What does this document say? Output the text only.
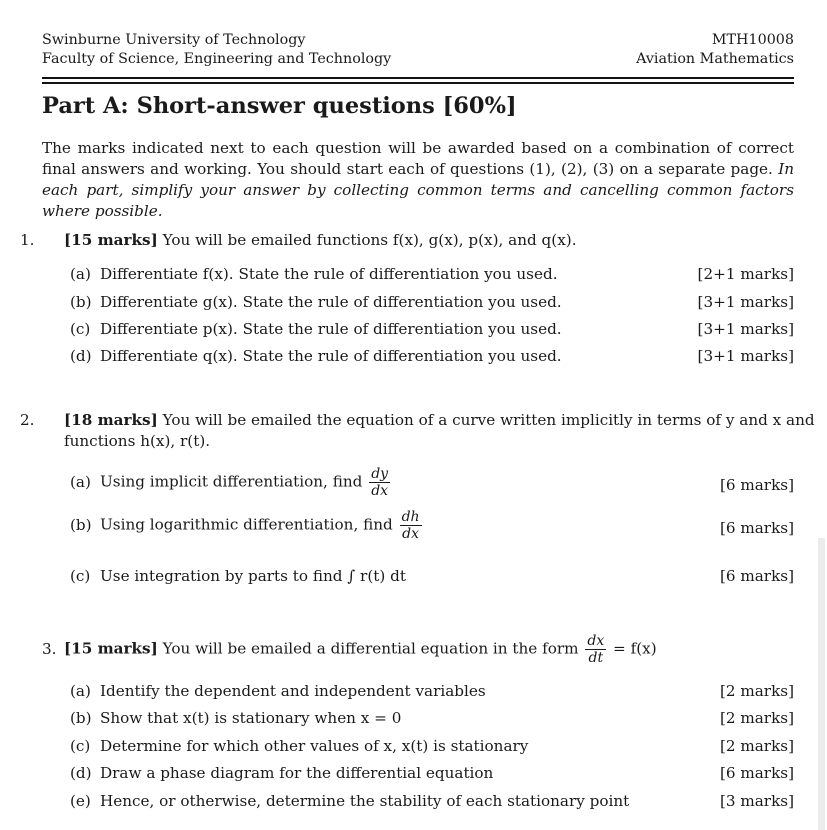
Swinburne University of Technology
Faculty of Science, Engineering and Technology
MTH10008
Aviation Mathematics
Part A: Short-answer questions [60%]
The marks indicated next to each question will be awarded based on a combination of correct final answers and working. You should start each of questions (1), (2), (3) on a separate page. In each part, simplify your answer by collecting common terms and cancelling common factors where possible.
1. [15 marks] You will be emailed functions f(x), g(x), p(x), and q(x).
(a) Differentiate f(x). State the rule of differentiation you used.	[2+1 marks]
(b) Differentiate g(x). State the rule of differentiation you used.	[3+1 marks]
(c) Differentiate p(x). State the rule of differentiation you used.	[3+1 marks]
(d) Differentiate q(x). State the rule of differentiation you used.	[3+1 marks]
2. [18 marks] You will be emailed the equation of a curve written implicitly in terms of y and x and functions h(x), r(t).
(a) Using implicit differentiation, find $\frac{dy}{dx}$	[6 marks]
(b) Using logarithmic differentiation, find $\frac{dh}{dx}$	[6 marks]
(c) Use integration by parts to find ∫ r(t) dt	[6 marks]
3. [15 marks] You will be emailed a differential equation in the form $\frac{dx}{dt} = f(x)$
(a) Identify the dependent and independent variables	[2 marks]
(b) Show that x(t) is stationary when x = 0	[2 marks]
(c) Determine for which other values of x, x(t) is stationary	[2 marks]
(d) Draw a phase diagram for the differential equation	[6 marks]
(e) Hence, or otherwise, determine the stability of each stationary point	[3 marks]
